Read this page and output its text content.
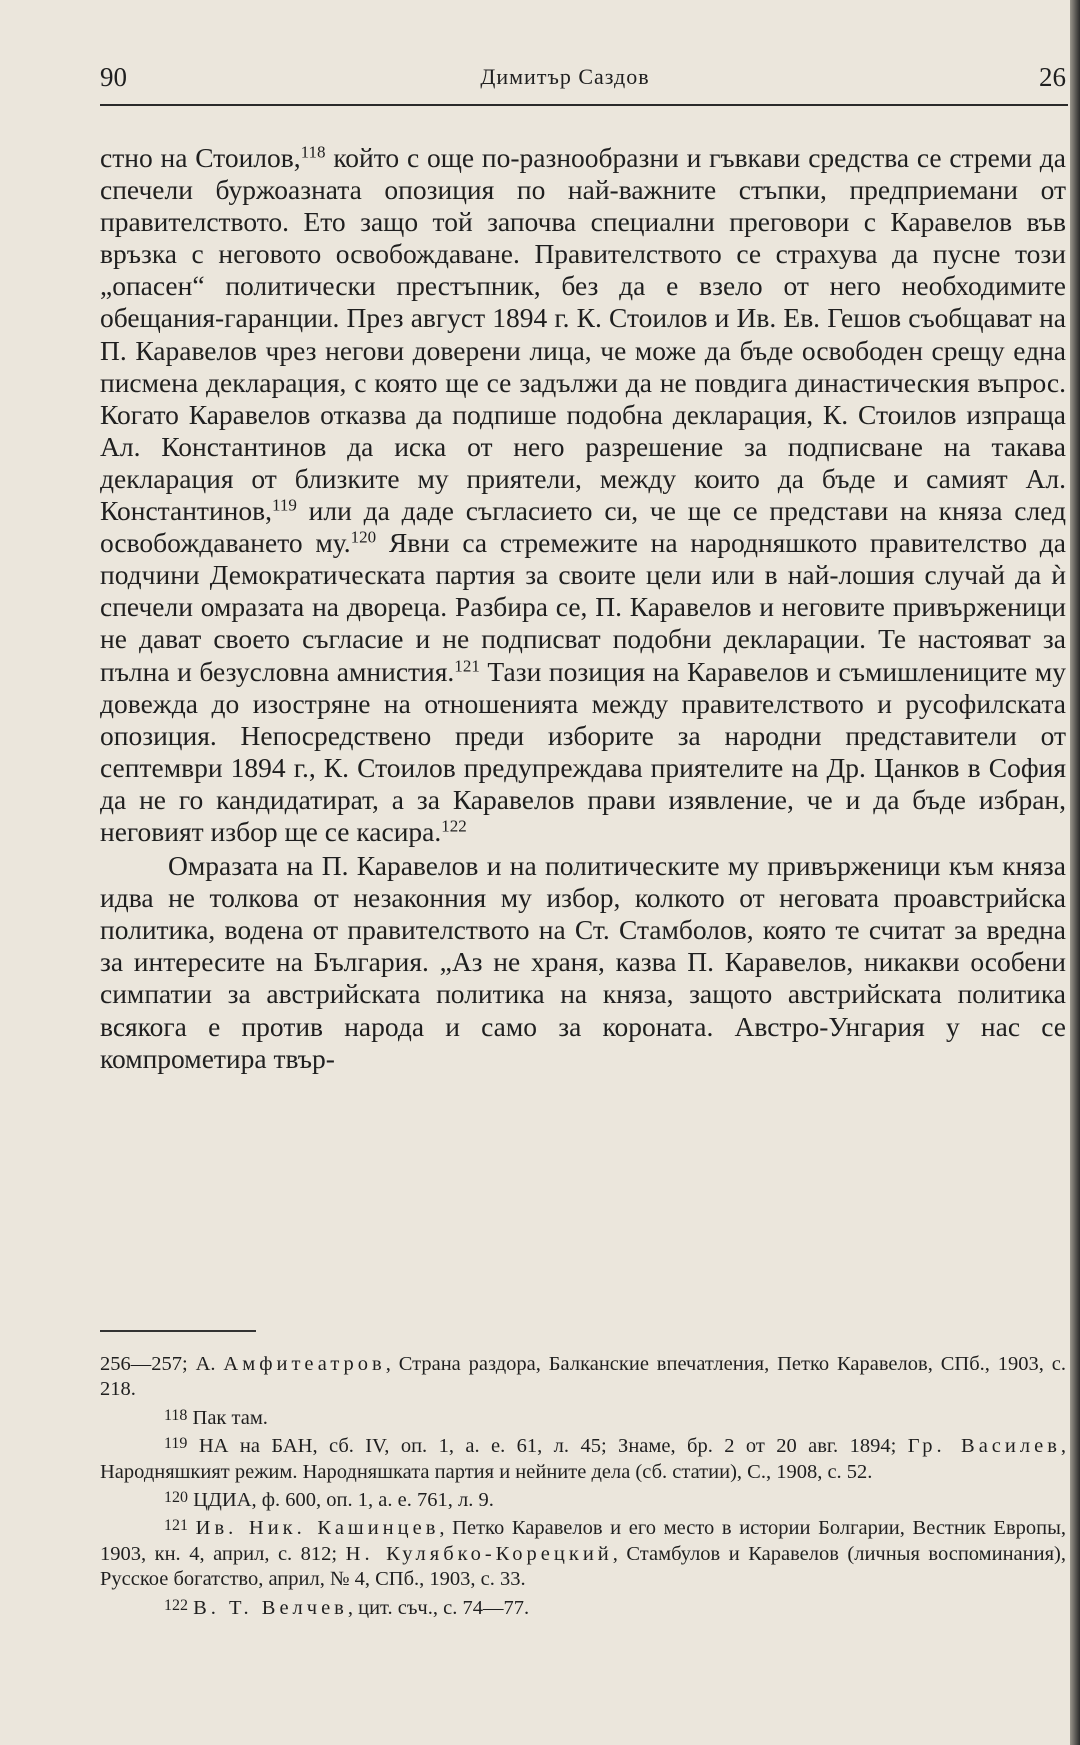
90	Димитър Саздов	26

стно на Стоилов,$^{118}$ който с още по-разнообразни и гъвкави средства се стреми да спечели буржоазната опозиция по най-важните стъпки, предприемани от правителството. Ето защо той започва специални преговори с Каравелов във връзка с неговото освобождаване. Правителството се страхува да пусне този „опасен“ политически престъпник, без да е взело от него необходимите обещания-гаранции. През август 1894 г. К. Стоилов и Ив. Ев. Гешов съобщават на П. Каравелов чрез негови доверени лица, че може да бъде освободен срещу една писмена декларация, с която ще се задължи да не повдига династическия въпрос. Когато Каравелов отказва да подпише подобна декларация, К. Стоилов изпраща Ал. Константинов да иска от него разрешение за подписване на такава декларация от близките му приятели, между които да бъде и самият Ал. Константинов,$^{119}$ или да даде съгласието си, че ще се представи на княза след освобождаването му.$^{120}$ Явни са стремежите на народняшкото правителство да подчини Демократическата партия за своите цели или в най-лошия случай да ѝ спечели омразата на двореца. Разбира се, П. Каравелов и неговите привърженици не дават своето съгласие и не подписват подобни декларации. Те настояват за пълна и безусловна амнистия.$^{121}$ Тази позиция на Каравелов и съмишлениците му довежда до изостряне на отношенията между правителството и русофилската опозиция. Непосредствено преди изборите за народни представители от септември 1894 г., К. Стоилов предупреждава приятелите на Др. Цанков в София да не го кандидатират, а за Каравелов прави изявление, че и да бъде избран, неговият избор ще се касира.$^{122}$

Омразата на П. Каравелов и на политическите му привърженици към княза идва не толкова от незаконния му избор, колкото от неговата проавстрийска политика, водена от правителството на Ст. Стамболов, която те считат за вредна за интересите на България. „Аз не храня, казва П. Каравелов, никакви особени симпатии за австрийската политика на княза, защото австрийската политика всякога е против народа и само за короната. Австро-Унгария у нас се компрометира твър-

256—257; А. Амфитеатров, Страна раздора, Балканские впечатления, Петко Каравелов, СПб., 1903, с. 218.

118 Пак там.

119 НА на БАН, сб. IV, оп. 1, а. е. 61, л. 45; Знаме, бр. 2 от 20 авг. 1894; Гр. Василев, Народняшкият режим. Народняшката партия и нейните дела (сб. статии), С., 1908, с. 52.

120 ЦДИА, ф. 600, оп. 1, а. е. 761, л. 9.

121 Ив. Ник. Кашинцев, Петко Каравелов и его место в истории Болгарии, Вестник Европы, 1903, кн. 4, април, с. 812; Н. Кулябко-Корецкий, Стамбулов и Каравелов (личныя воспоминания), Русское богатство, април, № 4, СПб., 1903, с. 33.

122 В. Т. Велчев, цит. съч., с. 74—77.
